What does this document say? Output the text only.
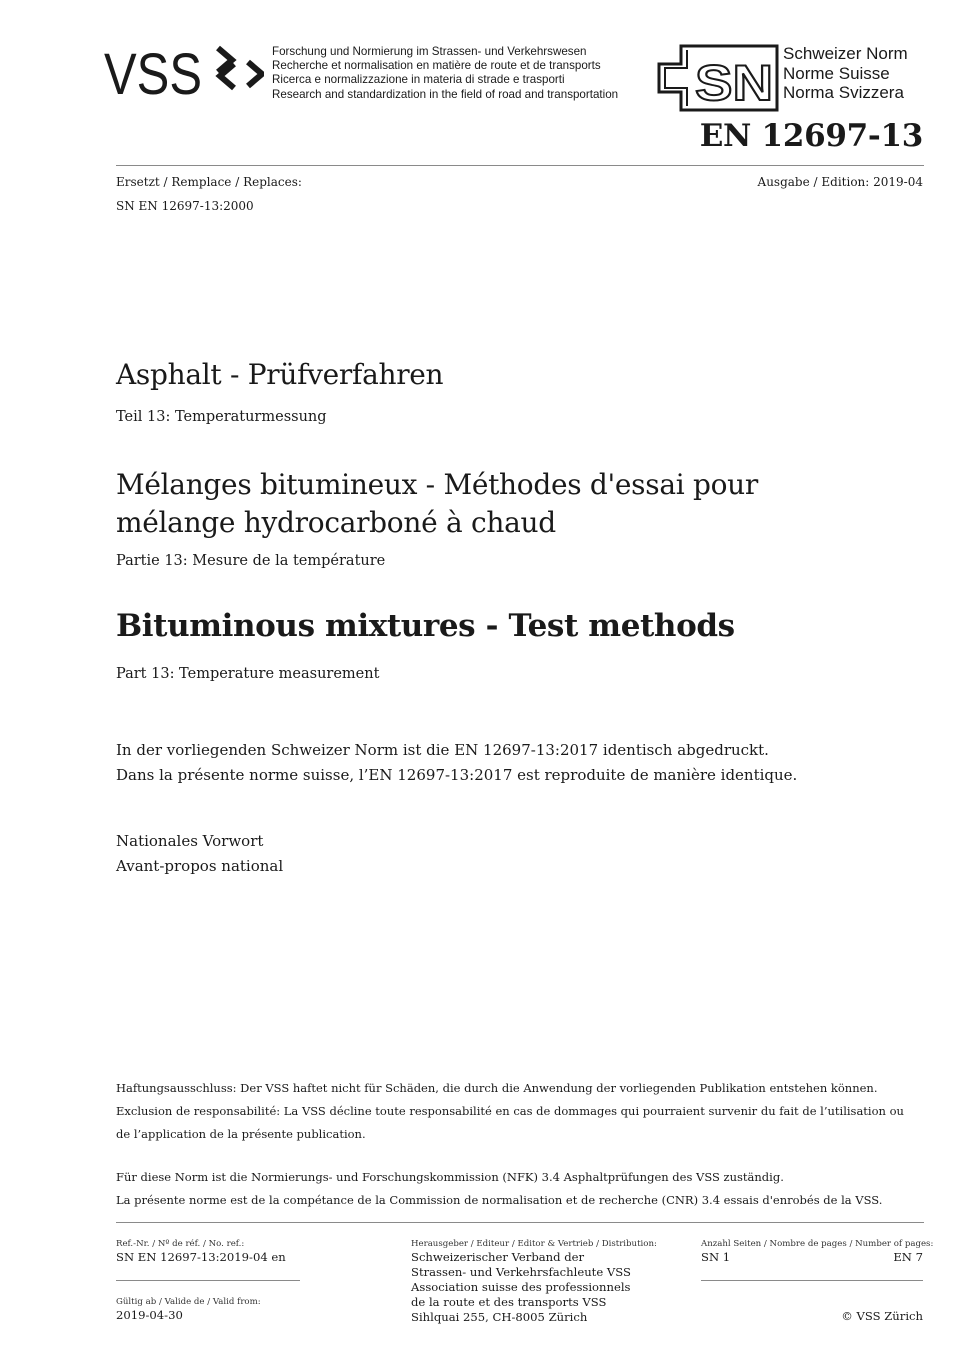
VSS	Forschung und Normierung im Strassen- und Verkehrswesen
Recherche et normalisation en matière de route et de transports
Ricerca e normalizzazione in materia di strade e trasporti
Research and standardization in the field of road and transportation SN
Schweizer Norm
Norme Suisse
Norma Svizzera
EN 12697-13
Ersetzt / Remplace / Replaces:
SN EN 12697-13:2000
Ausgabe / Edition: 2019-04
Asphalt - Prüfverfahren
Teil 13: Temperaturmessung
Mélanges bitumineux - Méthodes d'essai pour
mélange hydrocarboné à chaud
Partie 13: Mesure de la température
Bituminous mixtures - Test methods
Part 13: Temperature measurement
In der vorliegenden Schweizer Norm ist die EN 12697-13:2017 identisch abgedruckt.
Dans la présente norme suisse, l’EN 12697-13:2017 est reproduite de manière identique.
Nationales Vorwort
Avant-propos national
Haftungsausschluss: Der VSS haftet nicht für Schäden, die durch die Anwendung der vorliegenden Publikation entstehen können.
Exclusion de responsabilité: La VSS décline toute responsabilité en cas de dommages qui pourraient survenir du fait de l’utilisation ou
de l’application de la présente publication.
Für diese Norm ist die Normierungs- und Forschungskommission (NFK) 3.4 Asphaltprüfungen des VSS zuständig.
La présente norme est de la compétance de la Commission de normalisation et de recherche (CNR) 3.4 essais d'enrobés de la VSS.
Ref.-Nr. / Nº de réf. / No. ref.:
SN EN 12697-13:2019-04 en
Gültig ab / Valide de / Valid from:
2019-04-30
Herausgeber / Editeur / Editor & Vertrieb / Distribution:
Schweizerischer Verband der
Strassen- und Verkehrsfachleute VSS
Association suisse des professionnels
de la route et des transports VSS
Sihlquai 255, CH-8005 Zürich
Anzahl Seiten / Nombre de pages / Number of pages:
SN 1	EN 7
© VSS Zürich
